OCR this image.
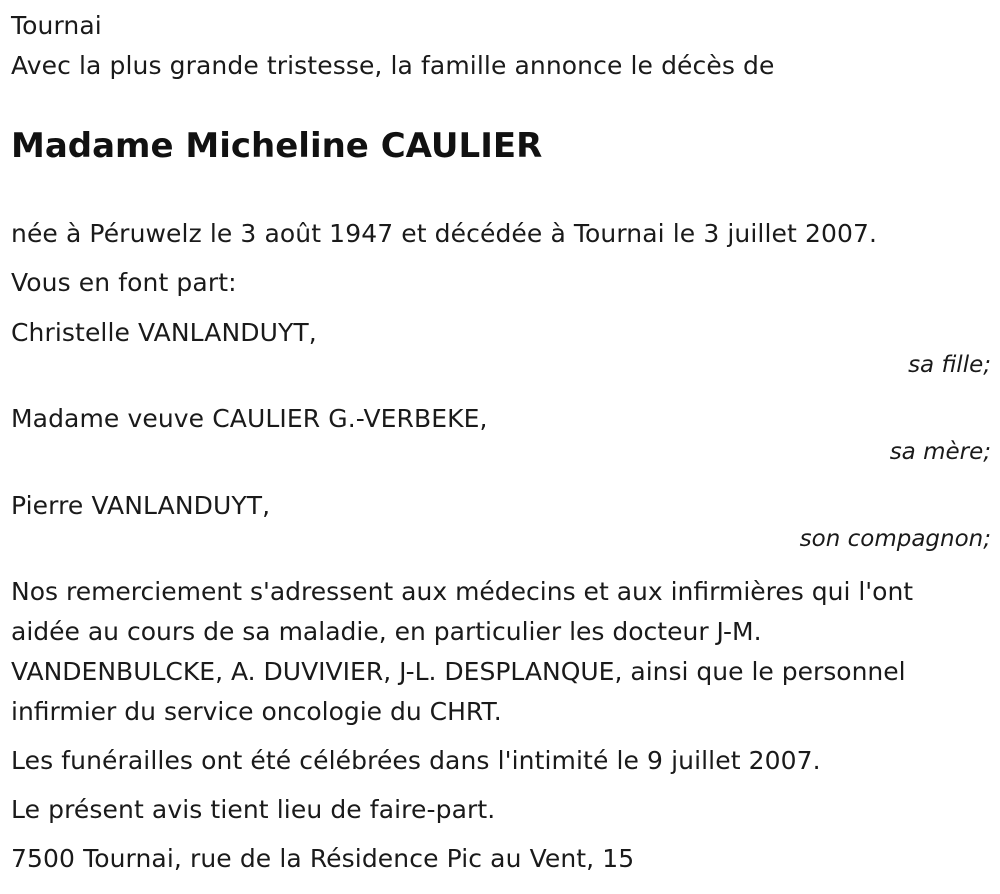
Tournai
Avec la plus grande tristesse, la famille annonce le décès de
Madame Micheline CAULIER
née à Péruwelz le 3 août 1947 et décédée à Tournai le 3 juillet 2007.
Vous en font part:
Christelle VANLANDUYT,
sa fille;
Madame veuve CAULIER G.-VERBEKE,
sa mère;
Pierre VANLANDUYT,
son compagnon;
Nos remerciement s'adressent aux médecins et aux infirmières qui l'ont
aidée au cours de sa maladie, en particulier les docteur J-M.
VANDENBULCKE, A. DUVIVIER, J-L. DESPLANQUE, ainsi que le personnel
infirmier du service oncologie du CHRT.
Les funérailles ont été célébrées dans l'intimité le 9 juillet 2007.
Le présent avis tient lieu de faire-part.
7500 Tournai, rue de la Résidence Pic au Vent, 15
